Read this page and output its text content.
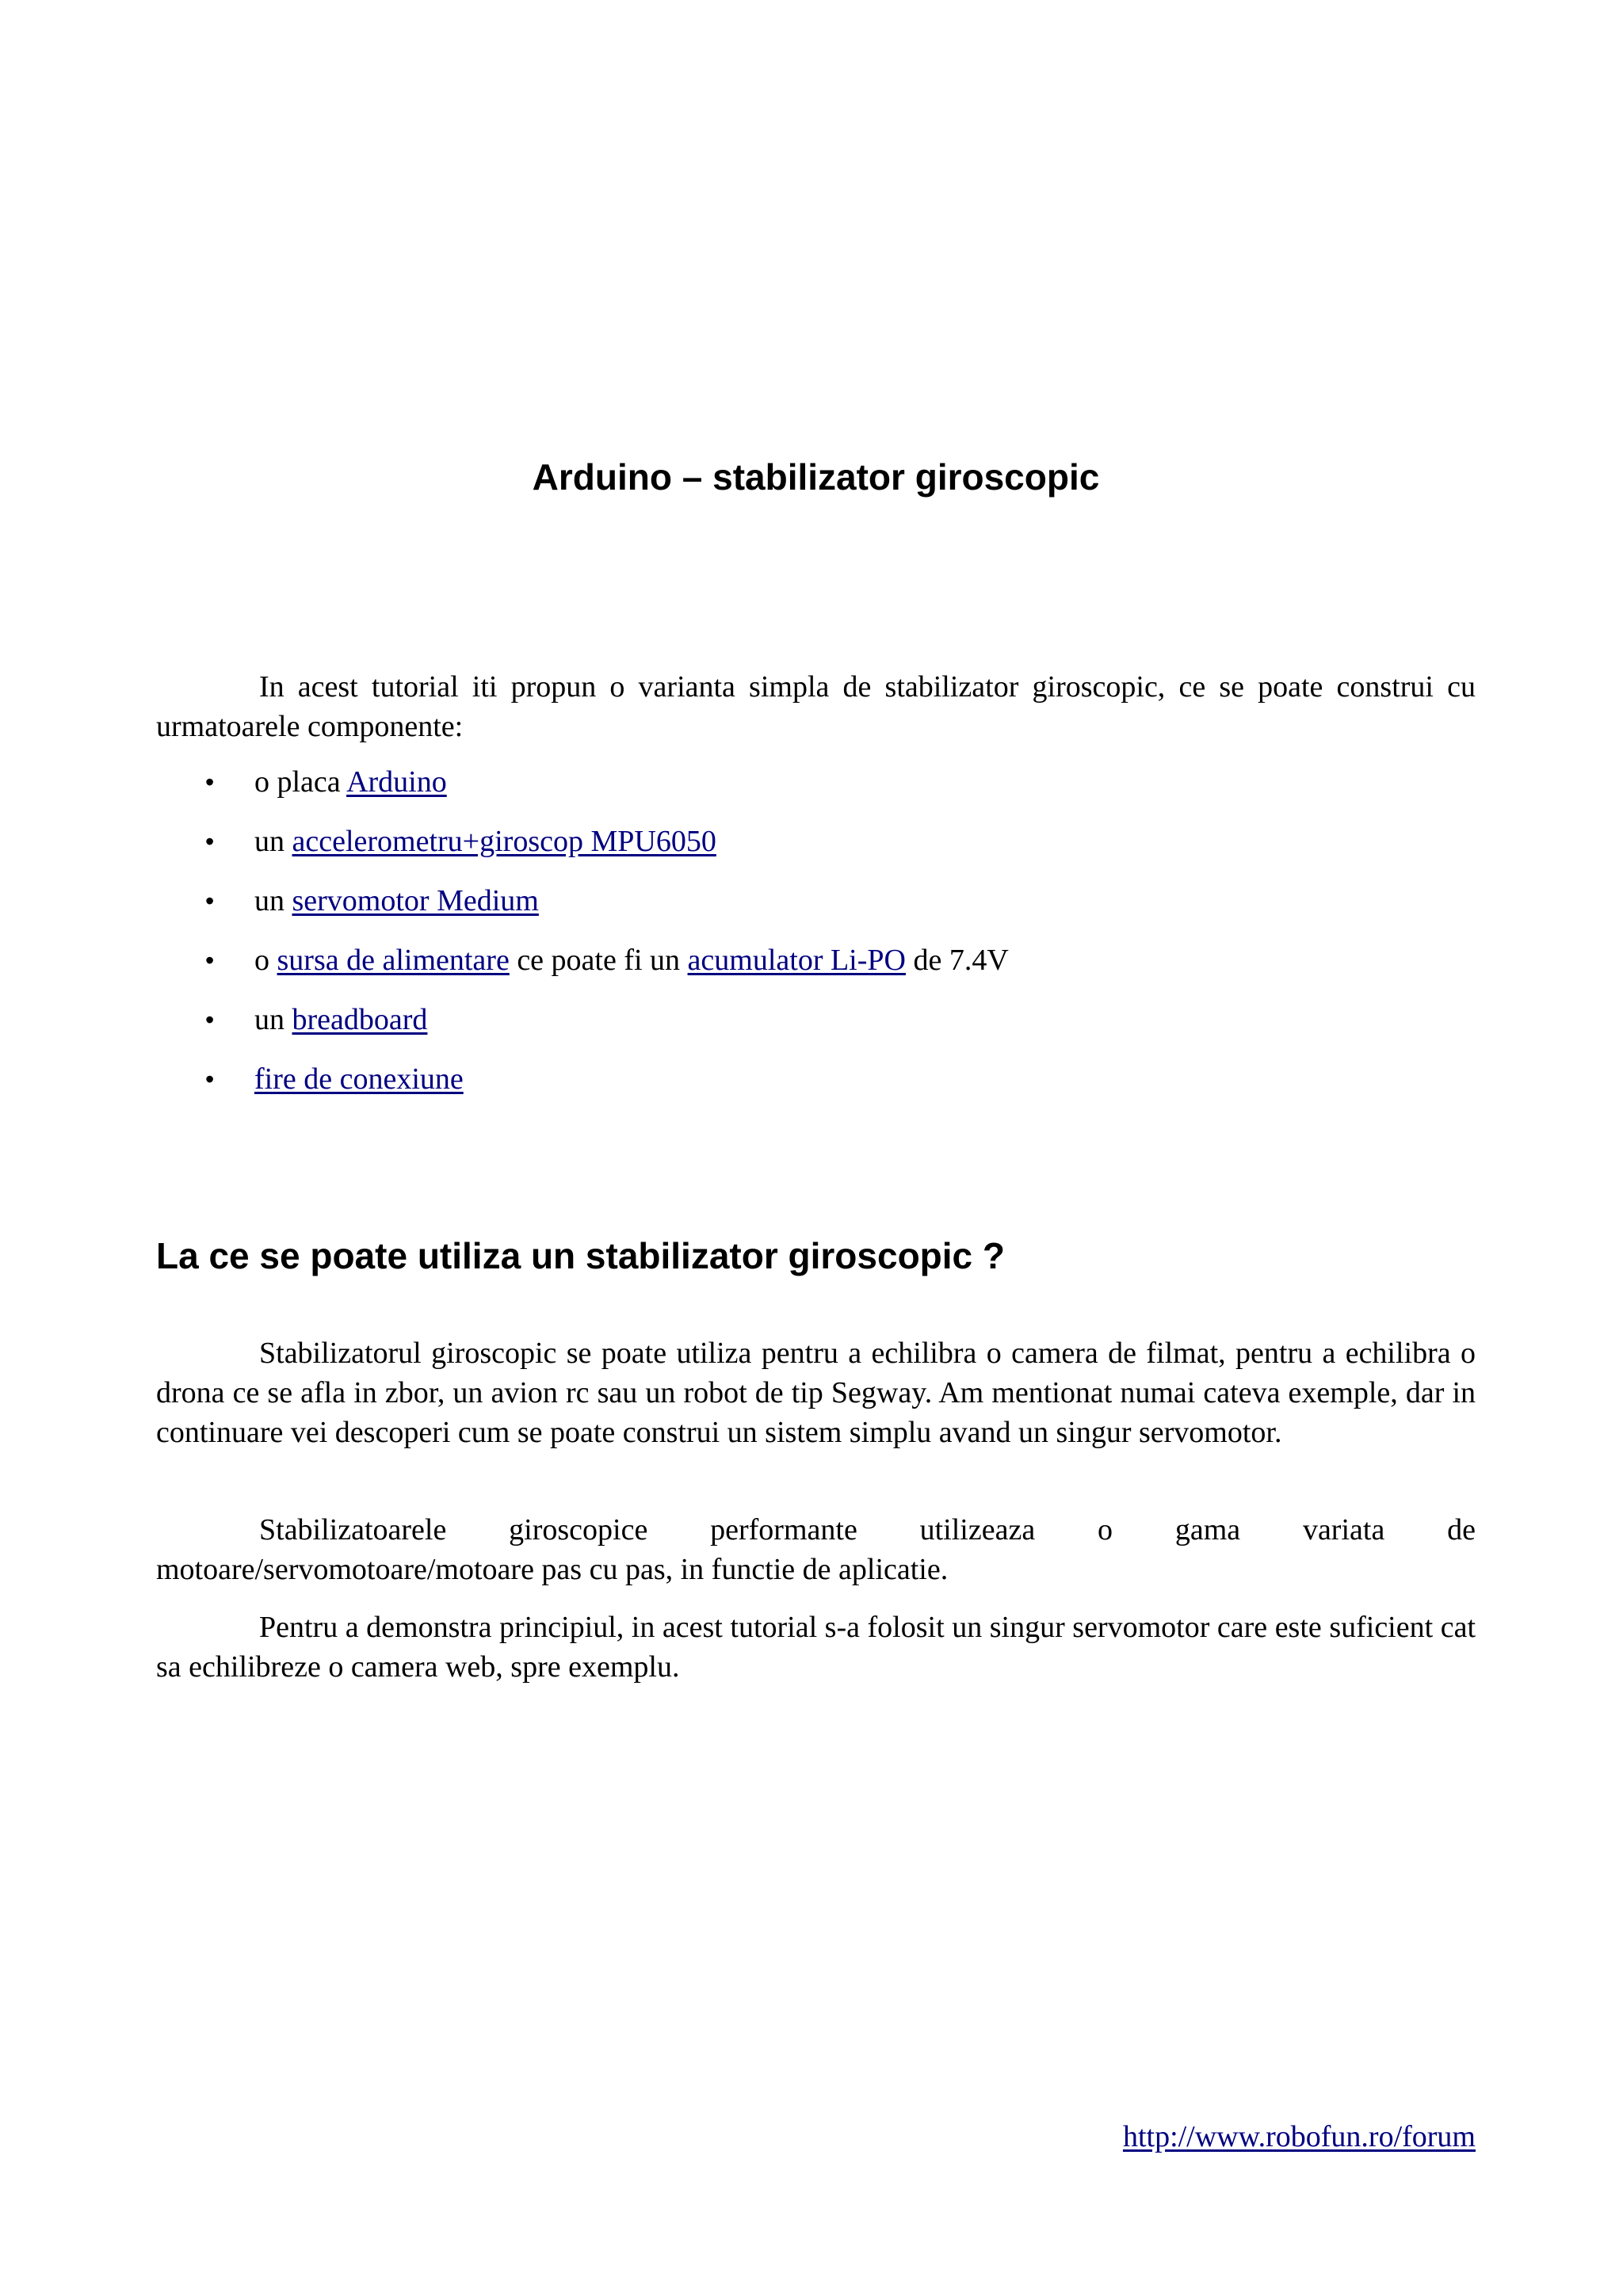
Arduino – stabilizator giroscopic

In acest tutorial iti propun o varianta simpla de stabilizator giroscopic, ce se poate construi cu urmatoarele componente:

• o placa Arduino
• un accelerometru+giroscop MPU6050
• un servomotor Medium
• o sursa de alimentare ce poate fi un acumulator Li-PO de 7.4V
• un breadboard
• fire de conexiune
La ce se poate utiliza un stabilizator giroscopic ?

Stabilizatorul giroscopic se poate utiliza pentru a echilibra o camera de filmat, pentru a echilibra o drona ce se afla in zbor, un avion rc sau un robot de tip Segway. Am mentionat numai cateva exemple, dar in continuare vei descoperi cum se poate construi un sistem simplu avand un singur servomotor.

Stabilizatoarele giroscopice performante utilizeaza o gama variata de motoare/servomotoare/motoare pas cu pas, in functie de aplicatie.

Pentru a demonstra principiul, in acest tutorial s-a folosit un singur servomotor care este suficient cat sa echilibreze o camera web, spre exemplu.

http://www.robofun.ro/forum
